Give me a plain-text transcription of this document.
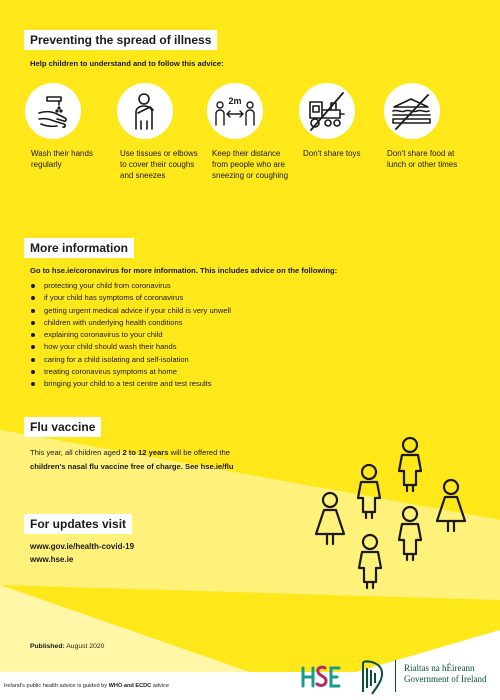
Preventing the spread of illness
Help children to understand and to follow this advice:
Wash their hands regularly
Use tissues or elbows to cover their coughs and sneezes
2m
Keep their distance from people who are sneezing or coughing
Don't share toys	Don't share food at lunch or other times
More information
Go to hse.ie/coronavirus for more information. This includes advice on the following:
protecting your child from coronavirus
if your child has symptoms of coronavirus
getting urgent medical advice if your child is very unwell
children with underlying health conditions
explaining coronavirus to your child
how your child should wash their hands
caring for a child isolating and self-isolation
treating coronavirus symptoms at home
bringing your child to a test centre and test results
Flu vaccine
This year, all children aged 2 to 12 years will be offered the
children's nasal flu vaccine free of charge. See hse.ie/flu
For updates visit
www.gov.ie/health-covid-19
www.hse.ie
Published: August 2020
Ireland's public health advice is guided by WHO and ECDC advice
Rialtas na hÉireann
Government of Ireland
